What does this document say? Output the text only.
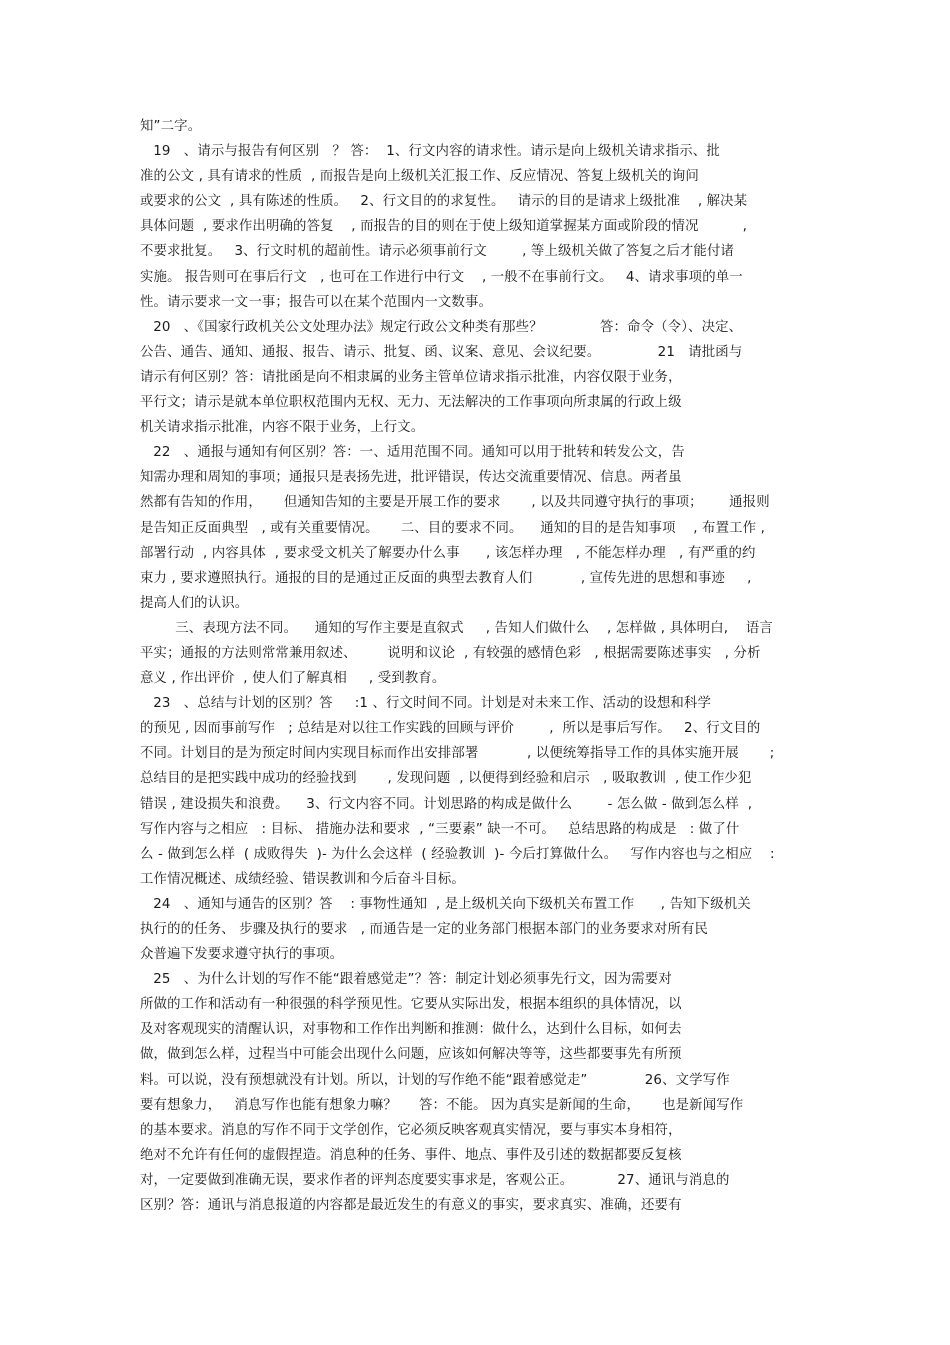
知”二字。
19   、请示与报告有何区别   ？ 答：  1、行文内容的请求性。请示是向上级机关请求指示、批
准的公文 , 具有请求的性质  , 而报告是向上级机关汇报工作、反应情况、答复上级机关的询问
或要求的公文  , 具有陈述的性质。   2、行文目的的求复性。   请示的目的是请求上级批准    , 解决某
具体问题  , 要求作出明确的答复    , 而报告的目的则在于使上级知道掌握某方面或阶段的情况          ,
不要求批复。   3、行文时机的超前性。请示必须事前行文        , 等上级机关做了答复之后才能付诸
实施。 报告则可在事后行文   , 也可在工作进行中行文    , 一般不在事前行文。   4、请求事项的单一
性。请示要求一文一事；报告可以在某个范围内一文数事。
20   、《国家行政机关公文处理办法》规定行政公文种类有那些？             答：命令（令）、决定、
公告、通告、通知、通报、报告、请示、批复、函、议案、意见、会议纪要。             21   请批函与
请示有何区别？答：请批函是向不相隶属的业务主管单位请求指示批准，内容仅限于业务，
平行文；请示是就本单位职权范围内无权、无力、无法解决的工作事项向所隶属的行政上级
机关请求指示批准，内容不限于业务，上行文。
22   、通报与通知有何区别？答：一、适用范围不同。通知可以用于批转和转发公文，告
知需办理和周知的事项；通报只是表扬先进，批评错误，传达交流重要情况、信息。两者虽
然都有告知的作用，     但通知告知的主要是开展工作的要求       , 以及共同遵守执行的事项；      通报则
是告知正反面典型   , 或有关重要情况。     二、目的要求不同。    通知的目的是告知事项    , 布置工作 ,
部署行动  , 内容具体  , 要求受文机关了解要办什么事      , 该怎样办理   , 不能怎样办理   , 有严重的约
束力 , 要求遵照执行。通报的目的是通过正反面的典型去教育人们           , 宣传先进的思想和事迹     ,
提高人们的认识。
三、表现方法不同。    通知的写作主要是直叙式     , 告知人们做什么    , 怎样做 , 具体明白,    语言
平实；通报的方法则常常兼用叙述、       说明和议论  , 有较强的感情色彩   , 根据需要陈述事实   , 分析
意义 , 作出评价  , 使人们了解真相     , 受到教育。
23   、总结与计划的区别？答     :1 、行文时间不同。计划是对未来工作、活动的设想和科学
的预见 , 因而事前写作   ; 总结是对以往工作实践的回顾与评价        ,  所以是事后写作。   2、行文目的
不同。计划目的是为预定时间内实现目标而作出安排部署           , 以便统筹指导工作的具体实施开展       ;
总结目的是把实践中成功的经验找到       , 发现问题  , 以便得到经验和启示   , 吸取教训  , 使工作少犯
错误 , 建设损失和浪费。    3、行文内容不同。计划思路的构成是做什么        - 怎么做 - 做到怎么样  ,
写作内容与之相应   : 目标、 措施办法和要求  , “三要素” 缺一不可。   总结思路的构成是   : 做了什
么 - 做到怎么样  ( 成败得失  )- 为什么会这样  ( 经验教训  )- 今后打算做什么。   写作内容也与之相应    :
工作情况概述、成绩经验、错误教训和今后奋斗目标。
24   、通知与通告的区别？答    : 事物性通知  , 是上级机关向下级机关布置工作      , 告知下级机关
执行的的任务、 步骤及执行的要求   , 而通告是一定的业务部门根据本部门的业务要求对所有民
众普遍下发要求遵守执行的事项。
25   、为什么计划的写作不能“跟着感觉走”？答：制定计划必须事先行文，因为需要对
所做的工作和活动有一种很强的科学预见性。它要从实际出发，根据本组织的具体情况，以
及对客观现实的清醒认识，对事物和工作作出判断和推测：做什么，达到什么目标，如何去
做，做到怎么样，过程当中可能会出现什么问题，应该如何解决等等，这些都要事先有所预
料。可以说，没有预想就没有计划。所以，计划的写作绝不能“跟着感觉走”             26、文学写作
要有想象力，   消息写作也能有想象力嘛？     答：不能。 因为真实是新闻的生命，     也是新闻写作
的基本要求。消息的写作不同于文学创作，它必须反映客观真实情况，要与事实本身相符，
绝对不允许有任何的虚假捏造。消息种的任务、事件、地点、事件及引述的数据都要反复核
对，一定要做到准确无误，要求作者的评判态度要实事求是，客观公正。          27、通讯与消息的
区别？答：通讯与消息报道的内容都是最近发生的有意义的事实，要求真实、准确，还要有
